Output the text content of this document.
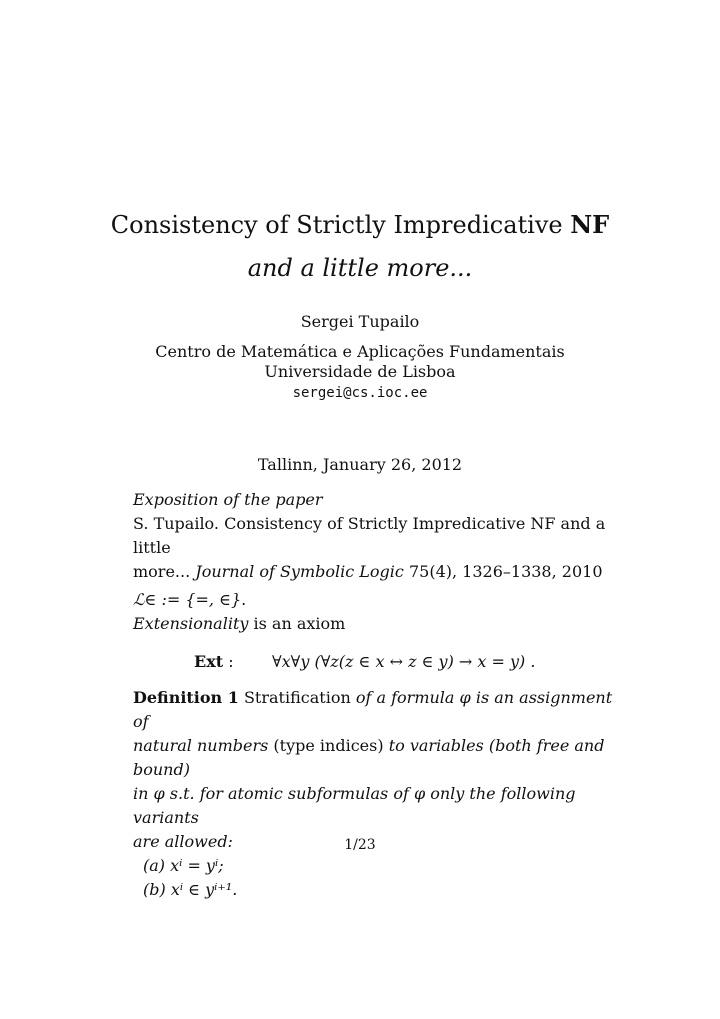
Consistency of Strictly Impredicative NF
and a little more...
Sergei Tupailo
Centro de Matemática e Aplicações Fundamentais
Universidade de Lisboa
sergei@cs.ioc.ee
Tallinn, January 26, 2012
Exposition of the paper
S. Tupailo. Consistency of Strictly Impredicative NF and a little
more... Journal of Symbolic Logic 75(4), 1326–1338, 2010
ℒ∈ := {=, ∈}.
Extensionality is an axiom
Ext : ∀x∀y (∀z(z ∈ x ↔ z ∈ y) → x = y) .
Definition 1 Stratification of a formula φ is an assignment of
natural numbers (type indices) to variables (both free and bound)
in φ s.t. for atomic subformulas of φ only the following variants
are allowed:
(a) xⁱ = yⁱ;
(b) xⁱ ∈ yⁱ⁺¹.
1/23
